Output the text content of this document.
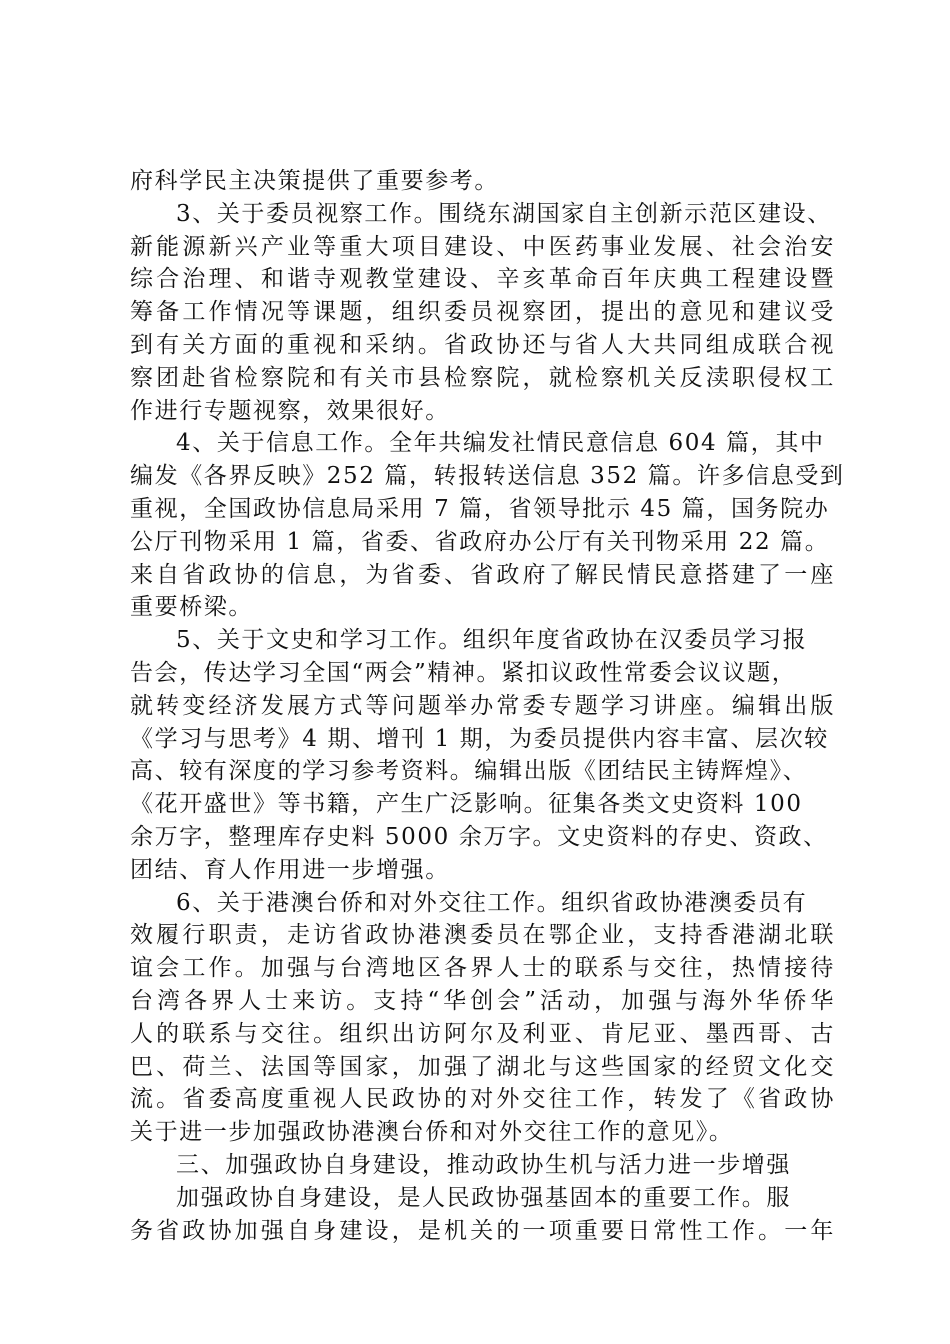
府科学民主决策提供了重要参考。
3、关于委员视察工作。围绕东湖国家自主创新示范区建设、
新能源新兴产业等重大项目建设、中医药事业发展、社会治安
综合治理、和谐寺观教堂建设、辛亥革命百年庆典工程建设暨
筹备工作情况等课题，组织委员视察团，提出的意见和建议受
到有关方面的重视和采纳。省政协还与省人大共同组成联合视
察团赴省检察院和有关市县检察院，就检察机关反渎职侵权工
作进行专题视察，效果很好。
4、关于信息工作。全年共编发社情民意信息 604 篇，其中
编发《各界反映》252 篇，转报转送信息 352 篇。许多信息受到
重视，全国政协信息局采用 7 篇，省领导批示 45 篇，国务院办
公厅刊物采用 1 篇，省委、省政府办公厅有关刊物采用 22 篇。
来自省政协的信息，为省委、省政府了解民情民意搭建了一座
重要桥梁。
5、关于文史和学习工作。组织年度省政协在汉委员学习报
告会，传达学习全国“两会”精神。紧扣议政性常委会议议题，
就转变经济发展方式等问题举办常委专题学习讲座。编辑出版
《学习与思考》4 期、增刊 1 期，为委员提供内容丰富、层次较
高、较有深度的学习参考资料。编辑出版《团结民主铸辉煌》、
《花开盛世》等书籍，产生广泛影响。征集各类文史资料 100
余万字，整理库存史料 5000 余万字。文史资料的存史、资政、
团结、育人作用进一步增强。
6、关于港澳台侨和对外交往工作。组织省政协港澳委员有
效履行职责，走访省政协港澳委员在鄂企业，支持香港湖北联
谊会工作。加强与台湾地区各界人士的联系与交往，热情接待
台湾各界人士来访。支持“华创会”活动，加强与海外华侨华
人的联系与交往。组织出访阿尔及利亚、肯尼亚、墨西哥、古
巴、荷兰、法国等国家，加强了湖北与这些国家的经贸文化交
流。省委高度重视人民政协的对外交往工作，转发了《省政协
关于进一步加强政协港澳台侨和对外交往工作的意见》。
三、加强政协自身建设，推动政协生机与活力进一步增强
加强政协自身建设，是人民政协强基固本的重要工作。服
务省政协加强自身建设，是机关的一项重要日常性工作。一年
